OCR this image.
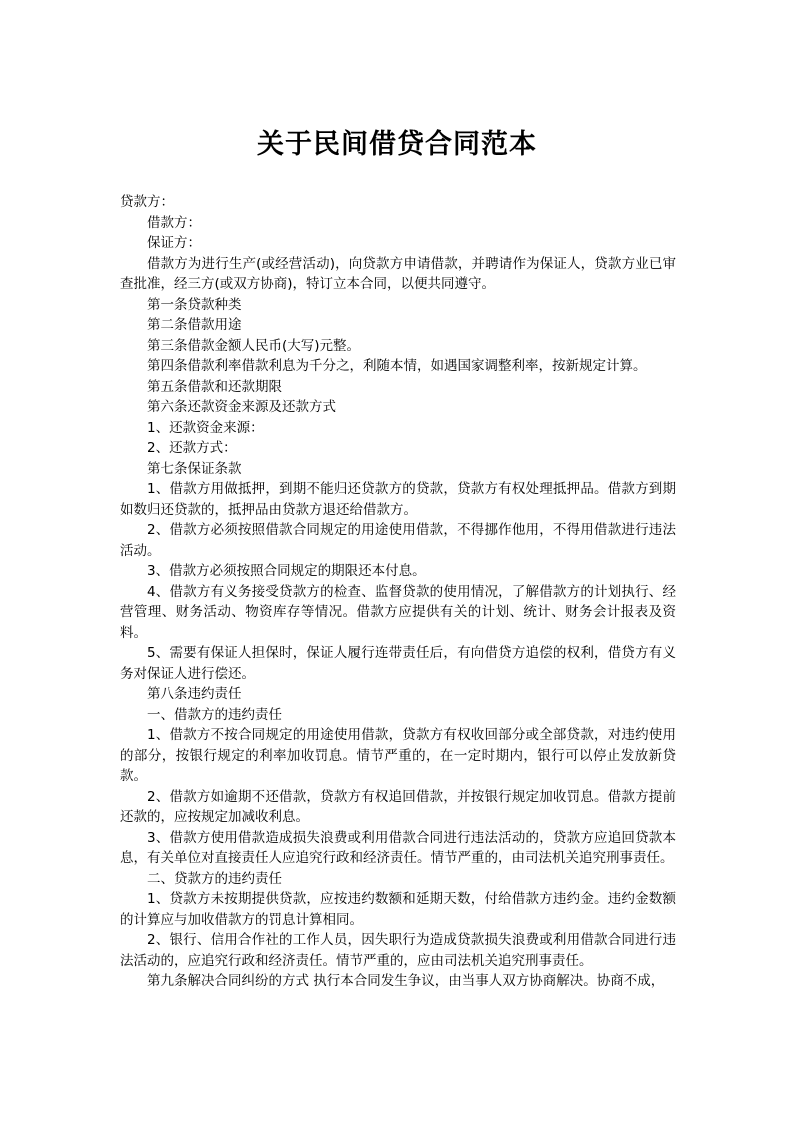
关于民间借贷合同范本

贷款方：

借款方：

保证方：

借款方为进行生产(或经营活动)，向贷款方申请借款，并聘请作为保证人，贷款方业已审查批准，经三方(或双方协商)，特订立本合同，以便共同遵守。

第一条贷款种类

第二条借款用途

第三条借款金额人民币(大写)元整。

第四条借款利率借款利息为千分之，利随本情，如遇国家调整利率，按新规定计算。

第五条借款和还款期限

第六条还款资金来源及还款方式

1、还款资金来源：

2、还款方式：

第七条保证条款

1、借款方用做抵押，到期不能归还贷款方的贷款，贷款方有权处理抵押品。借款方到期如数归还贷款的，抵押品由贷款方退还给借款方。

2、借款方必须按照借款合同规定的用途使用借款，不得挪作他用，不得用借款进行违法活动。

3、借款方必须按照合同规定的期限还本付息。

4、借款方有义务接受贷款方的检查、监督贷款的使用情况，了解借款方的计划执行、经营管理、财务活动、物资库存等情况。借款方应提供有关的计划、统计、财务会计报表及资料。

5、需要有保证人担保时，保证人履行连带责任后，有向借贷方追偿的权利，借贷方有义务对保证人进行偿还。

第八条违约责任

一、借款方的违约责任

1、借款方不按合同规定的用途使用借款，贷款方有权收回部分或全部贷款，对违约使用的部分，按银行规定的利率加收罚息。情节严重的，在一定时期内，银行可以停止发放新贷款。

2、借款方如逾期不还借款，贷款方有权追回借款，并按银行规定加收罚息。借款方提前还款的，应按规定加减收利息。

3、借款方使用借款造成损失浪费或利用借款合同进行违法活动的，贷款方应追回贷款本息，有关单位对直接责任人应追究行政和经济责任。情节严重的，由司法机关追究刑事责任。

二、贷款方的违约责任

1、贷款方未按期提供贷款，应按违约数额和延期天数，付给借款方违约金。违约金数额的计算应与加收借款方的罚息计算相同。

2、银行、信用合作社的工作人员，因失职行为造成贷款损失浪费或利用借款合同进行违法活动的，应追究行政和经济责任。情节严重的，应由司法机关追究刑事责任。

第九条解决合同纠纷的方式 执行本合同发生争议，由当事人双方协商解决。协商不成，
